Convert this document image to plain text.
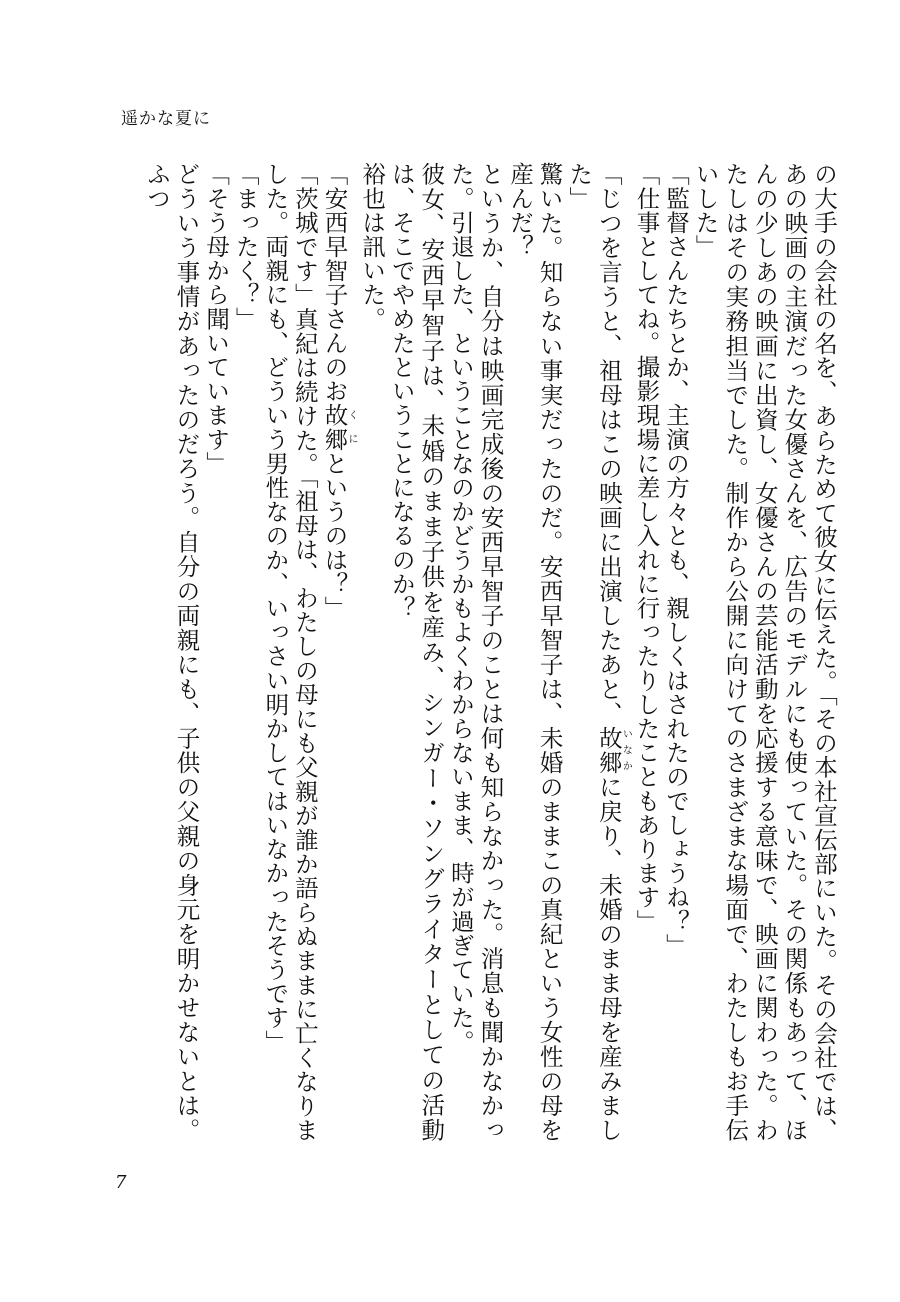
遥かな夏に

の大手の会社の名を、あらためて彼女に伝えた。「その本社宣伝部にいた。その会社では、あの映画の主演だった女優さんを、広告のモデルにも使っていた。その関係もあって、ほんの少しあの映画に出資し、女優さんの芸能活動を応援する意味で、映画に関わった。わたしはその実務担当でした。制作から公開に向けてのさまざまな場面で、わたしもお手伝いした」

「監督さんたちとか、主演の方々とも、親しくはされたのでしょうね？」

「仕事としてね。撮影現場に差し入れに行ったりしたこともあります」

「じつを言うと、祖母はこの映画に出演したあと、故郷いなかに戻り、未婚のまま母を産みました」

驚いた。知らない事実だったのだ。安西早智子は、未婚のままこの真紀という女性の母を産んだ？

というか、自分は映画完成後の安西早智子のことは何も知らなかった。消息も聞かなかった。引退した、ということなのかどうかもよくわからないまま、時が過ぎていた。

彼女、安西早智子は、未婚のまま子供を産み、シンガー・ソングライターとしての活動は、そこでやめたということになるのか？

裕也は訊いた。

「安西早智子さんのお故郷くにというのは？」

「茨城です」真紀は続けた。「祖母は、わたしの母にも父親が誰か語らぬままに亡くなりました。両親にも、どういう男性なのか、いっさい明かしてはいなかったそうです」

「まったく？」

「そう母から聞いています」

どういう事情があったのだろう。自分の両親にも、子供の父親の身元を明かせないとは。ふつ

7
